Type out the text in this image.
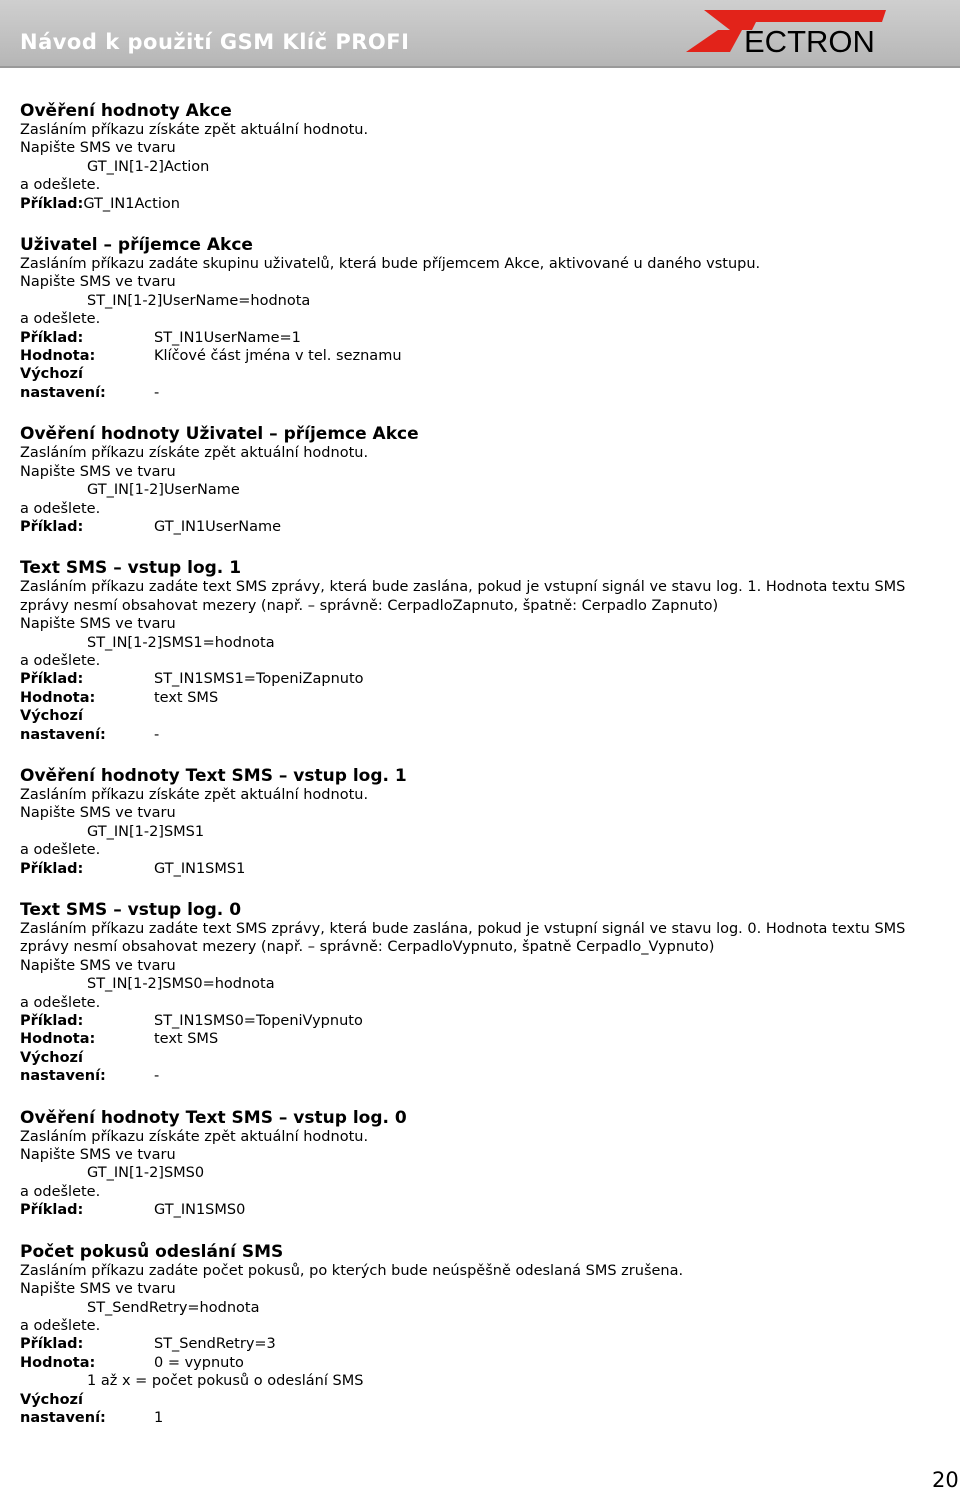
Návod k použití GSM Klíč PROFI	ECTRON
Ověření hodnoty Akce

Zasláním příkazu získáte zpět aktuální hodnotu.

Napište SMS ve tvaru

GT_IN[1-2]Action

a odešlete.

Příklad:GT_IN1Action

Uživatel – příjemce Akce

Zasláním příkazu zadáte skupinu uživatelů, která bude příjemcem Akce, aktivované u daného vstupu.

Napište SMS ve tvaru

ST_IN[1-2]UserName=hodnota

a odešlete.

Příklad:	ST_IN1UserName=1
Hodnota:	Klíčové část jména v tel. seznamu

Výchozí

nastavení:	-
Ověření hodnoty Uživatel – příjemce Akce

Zasláním příkazu získáte zpět aktuální hodnotu.

Napište SMS ve tvaru

GT_IN[1-2]UserName

a odešlete.

Příklad:	GT_IN1UserName
Text SMS – vstup log. 1

Zasláním příkazu zadáte text SMS zprávy, která bude zaslána, pokud je vstupní signál ve stavu log. 1. Hodnota textu SMS zprávy nesmí obsahovat mezery (např. – správně: CerpadloZapnuto, špatně: Cerpadlo Zapnuto)

Napište SMS ve tvaru

ST_IN[1-2]SMS1=hodnota

a odešlete.

Příklad:	ST_IN1SMS1=TopeniZapnuto
Hodnota:	text SMS

Výchozí

nastavení:	-
Ověření hodnoty Text SMS – vstup log. 1

Zasláním příkazu získáte zpět aktuální hodnotu.

Napište SMS ve tvaru

GT_IN[1-2]SMS1

a odešlete.

Příklad:	GT_IN1SMS1
Text SMS – vstup log. 0

Zasláním příkazu zadáte text SMS zprávy, která bude zaslána, pokud je vstupní signál ve stavu log. 0. Hodnota textu SMS zprávy nesmí obsahovat mezery (např. – správně: CerpadloVypnuto, špatně Cerpadlo_Vypnuto)

Napište SMS ve tvaru

ST_IN[1-2]SMS0=hodnota

a odešlete.

Příklad:	ST_IN1SMS0=TopeniVypnuto
Hodnota:	text SMS

Výchozí

nastavení:	-
Ověření hodnoty Text SMS – vstup log. 0

Zasláním příkazu získáte zpět aktuální hodnotu.

Napište SMS ve tvaru

GT_IN[1-2]SMS0

a odešlete.

Příklad:	GT_IN1SMS0
Počet pokusů odeslání SMS

Zasláním příkazu zadáte počet pokusů, po kterých bude neúspěšně odeslaná SMS zrušena.

Napište SMS ve tvaru

ST_SendRetry=hodnota

a odešlete.

Příklad:	ST_SendRetry=3
Hodnota:	0 = vypnuto

1 až x = počet pokusů o odeslání SMS

Výchozí

nastavení:	1
20
